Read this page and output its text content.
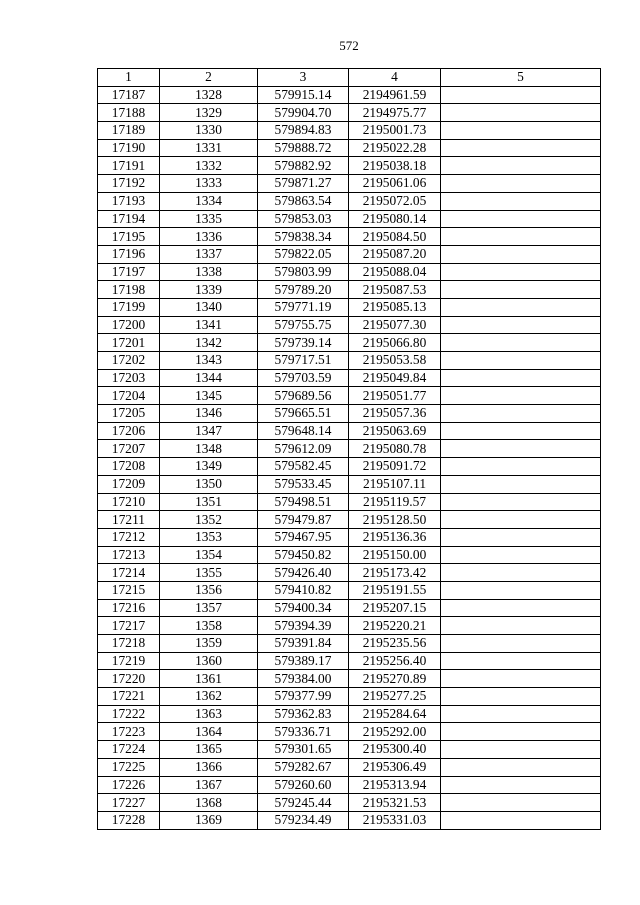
572
1	2	3	4	5
17187	1328	579915.14	2194961.59	
17188	1329	579904.70	2194975.77	
17189	1330	579894.83	2195001.73	
17190	1331	579888.72	2195022.28	
17191	1332	579882.92	2195038.18	
17192	1333	579871.27	2195061.06	
17193	1334	579863.54	2195072.05	
17194	1335	579853.03	2195080.14	
17195	1336	579838.34	2195084.50	
17196	1337	579822.05	2195087.20	
17197	1338	579803.99	2195088.04	
17198	1339	579789.20	2195087.53	
17199	1340	579771.19	2195085.13	
17200	1341	579755.75	2195077.30	
17201	1342	579739.14	2195066.80	
17202	1343	579717.51	2195053.58	
17203	1344	579703.59	2195049.84	
17204	1345	579689.56	2195051.77	
17205	1346	579665.51	2195057.36	
17206	1347	579648.14	2195063.69	
17207	1348	579612.09	2195080.78	
17208	1349	579582.45	2195091.72	
17209	1350	579533.45	2195107.11	
17210	1351	579498.51	2195119.57	
17211	1352	579479.87	2195128.50	
17212	1353	579467.95	2195136.36	
17213	1354	579450.82	2195150.00	
17214	1355	579426.40	2195173.42	
17215	1356	579410.82	2195191.55	
17216	1357	579400.34	2195207.15	
17217	1358	579394.39	2195220.21	
17218	1359	579391.84	2195235.56	
17219	1360	579389.17	2195256.40	
17220	1361	579384.00	2195270.89	
17221	1362	579377.99	2195277.25	
17222	1363	579362.83	2195284.64	
17223	1364	579336.71	2195292.00	
17224	1365	579301.65	2195300.40	
17225	1366	579282.67	2195306.49	
17226	1367	579260.60	2195313.94	
17227	1368	579245.44	2195321.53	
17228	1369	579234.49	2195331.03	
